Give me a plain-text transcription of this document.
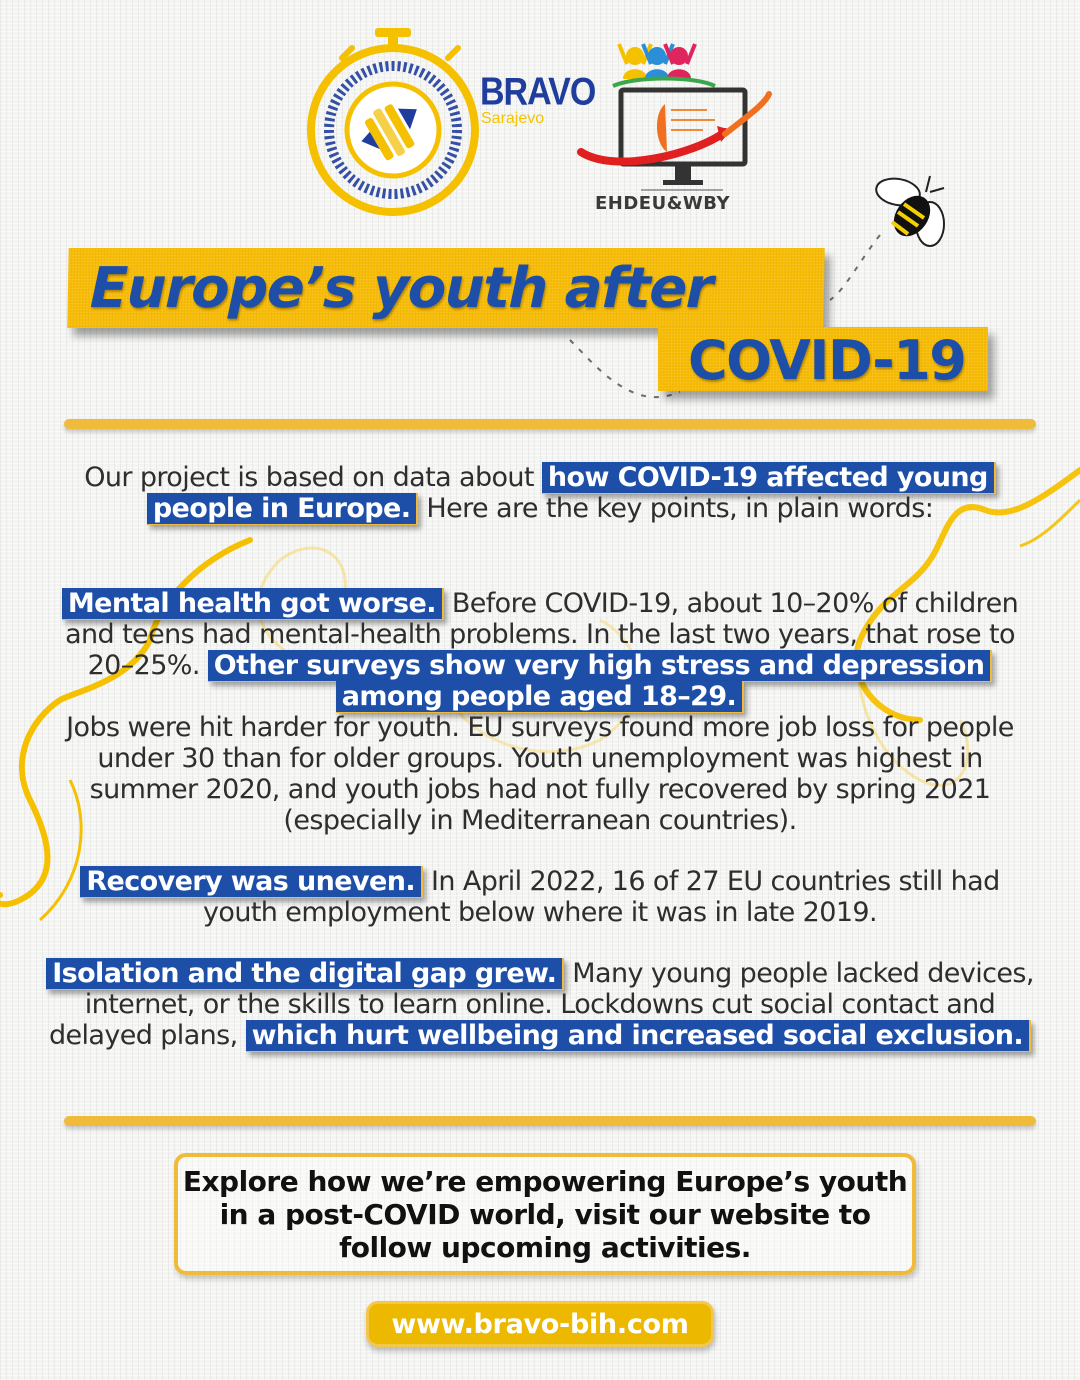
BRAVO
Sarajevo
EHDEU&WBY
Europe’s youth after
COVID-19

Our project is based on data about how COVID-19 affected young people in Europe. Here are the key points, in plain words:

Mental health got worse. Before COVID-19, about 10–20% of children and teens had mental-health problems. In the last two years, that rose to 20–25%. Other surveys show very high stress and depression among people aged 18–29.

Jobs were hit harder for youth. EU surveys found more job loss for people under 30 than for older groups. Youth unemployment was highest in summer 2020, and youth jobs had not fully recovered by spring 2021 (especially in Mediterranean countries).

Recovery was uneven. In April 2022, 16 of 27 EU countries still had youth employment below where it was in late 2019.

Isolation and the digital gap grew. Many young people lacked devices, internet, or the skills to learn online. Lockdowns cut social contact and delayed plans, which hurt wellbeing and increased social exclusion.

Explore how we’re empowering Europe’s youth in a post-COVID world, visit our website to follow upcoming activities.

www.bravo-bih.com
